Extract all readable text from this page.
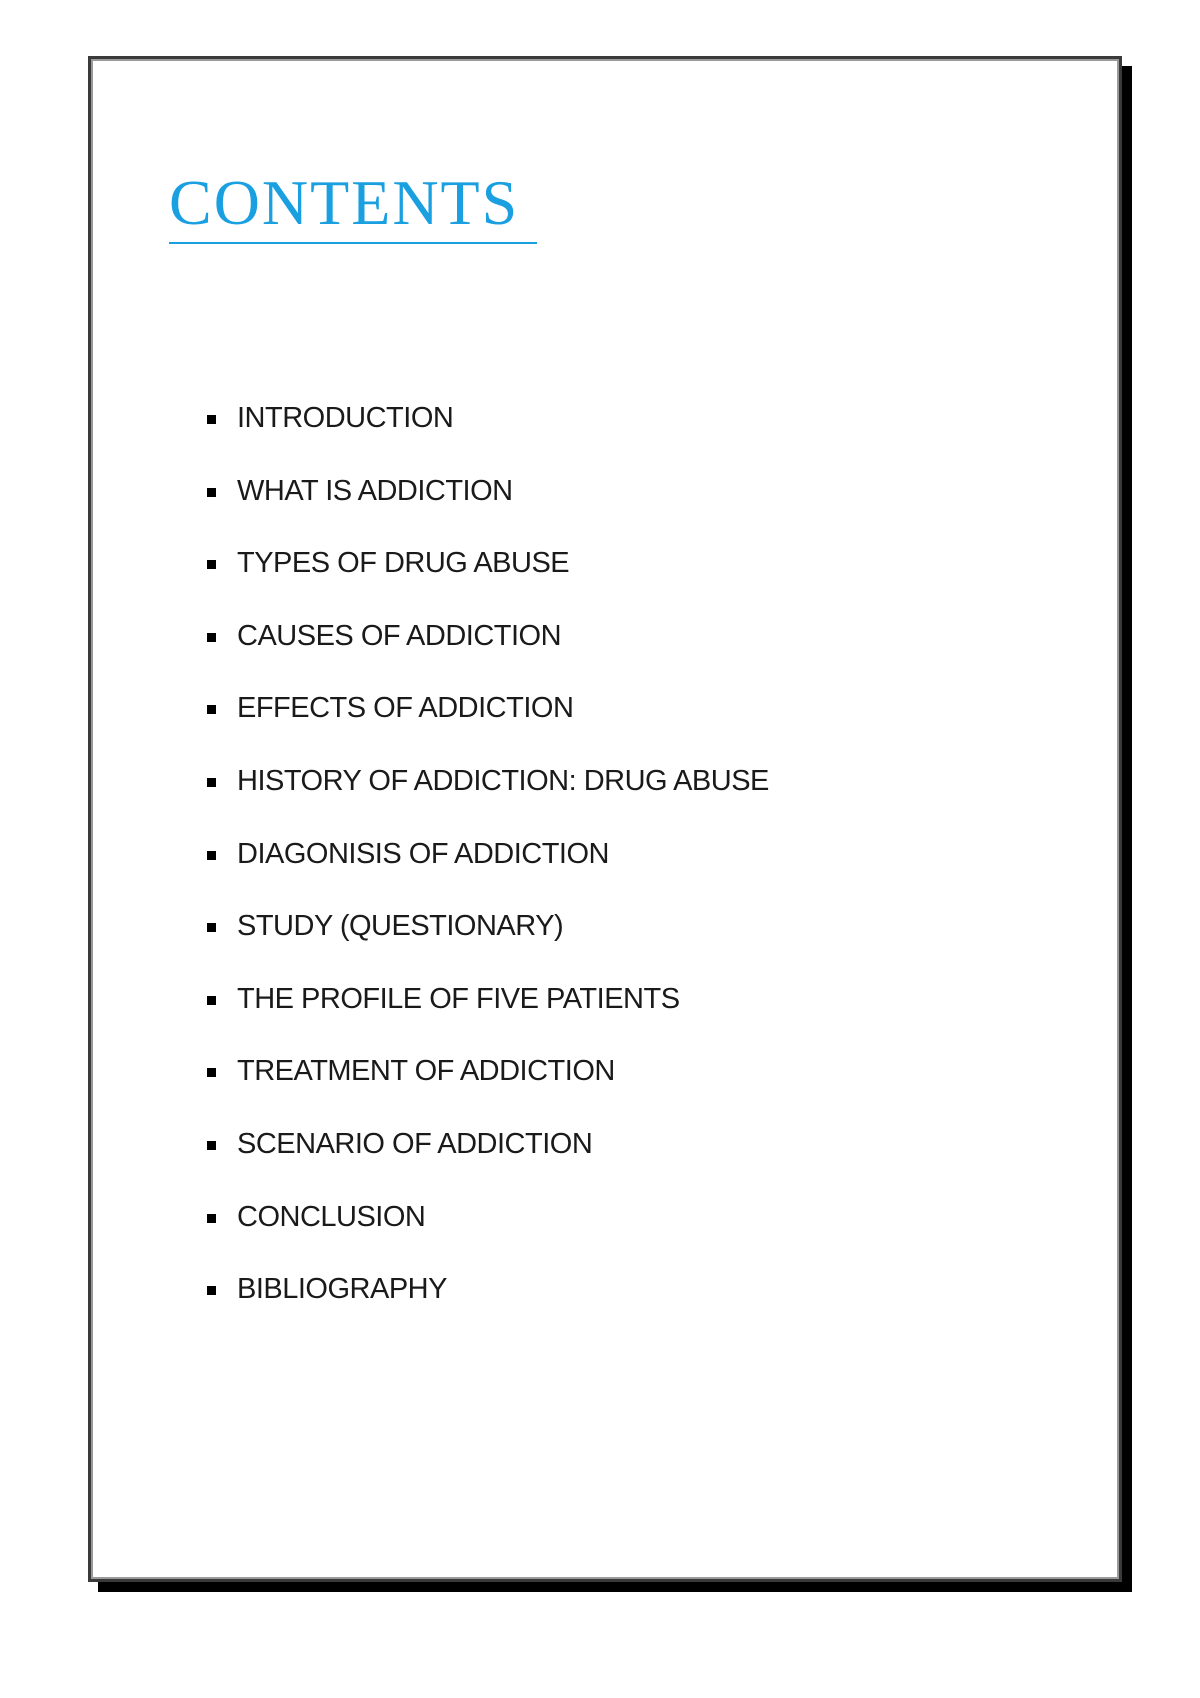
CONTENTS
INTRODUCTION
WHAT IS ADDICTION
TYPES OF DRUG ABUSE
CAUSES OF ADDICTION
EFFECTS OF ADDICTION
HISTORY OF ADDICTION: DRUG ABUSE
DIAGONISIS OF ADDICTION
STUDY (QUESTIONARY)
THE PROFILE OF FIVE PATIENTS
TREATMENT OF ADDICTION
SCENARIO OF ADDICTION
CONCLUSION
BIBLIOGRAPHY
